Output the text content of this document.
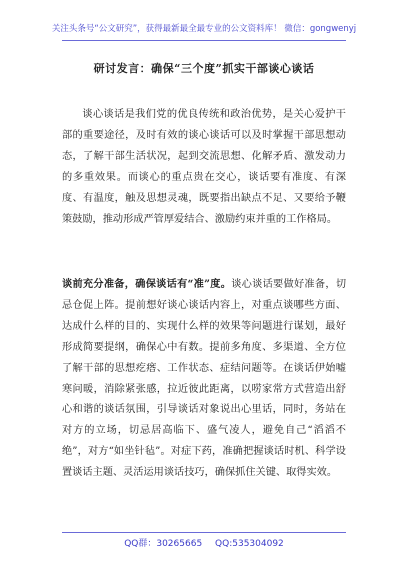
关注头条号“公文研究”，获得最新最全最专业的公文资料库！ 微信：gongwenyj
研讨发言：确保“三个度”抓实干部谈心谈话

谈心谈话是我们党的优良传统和政治优势，是关心爱护干部的重要途径，及时有效的谈心谈话可以及时掌握干部思想动态，了解干部生活状况，起到交流思想、化解矛盾、激发动力的多重效果。而谈心的重点贵在交心，谈话要有准度、有深度、有温度，触及思想灵魂，既要指出缺点不足、又要给予鞭策鼓励，推动形成严管厚爱结合、激励约束并重的工作格局。

谈前充分准备，确保谈话有“准”度。谈心谈话要做好准备，切忌仓促上阵。提前想好谈心谈话内容上，对重点谈哪些方面、达成什么样的目的、实现什么样的效果等问题进行谋划，最好形成简要提纲，确保心中有数。提前多角度、多渠道、全方位了解干部的思想疙瘩、工作状态、症结问题等。在谈话伊始嘘寒问暖，消除紧张感，拉近彼此距离，以唠家常方式营造出舒心和谐的谈话氛围，引导谈话对象说出心里话，同时，务站在对方的立场，切忌居高临下、盛气凌人，避免自己“滔滔不绝”，对方“如坐针毡”。对症下药，准确把握谈话时机、科学设置谈话主题、灵活运用谈话技巧，确保抓住关键、取得实效。

QQ群：30265665 QQ:535304092
